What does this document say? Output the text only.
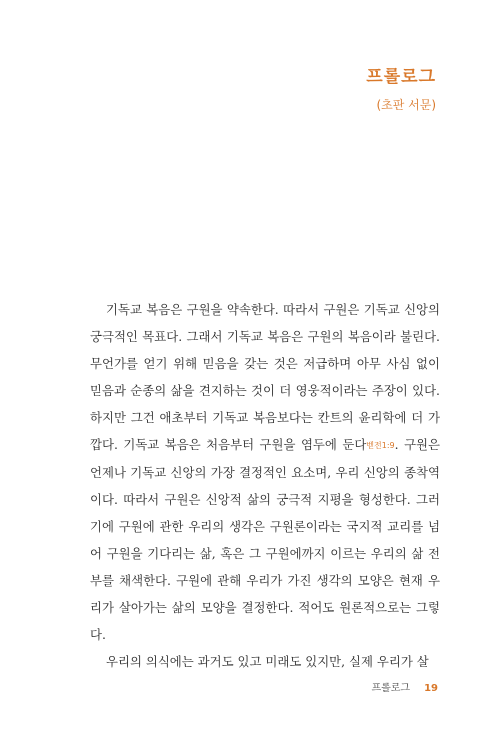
프롤로그
(초판 서문)

기독교 복음은 구원을 약속한다. 따라서 구원은 기독교 신앙의 궁극적인 목표다. 그래서 기독교 복음은 구원의 복음이라 불린다. 무언가를 얻기 위해 믿음을 갖는 것은 저급하며 아무 사심 없이 믿음과 순종의 삶을 견지하는 것이 더 영웅적이라는 주장이 있다. 하지만 그건 애초부터 기독교 복음보다는 칸트의 윤리학에 더 가깝다. 기독교 복음은 처음부터 구원을 염두에 둔다벧전1:9. 구원은 언제나 기독교 신앙의 가장 결정적인 요소며, 우리 신앙의 종착역이다. 따라서 구원은 신앙적 삶의 궁극적 지평을 형성한다. 그러기에 구원에 관한 우리의 생각은 구원론이라는 국지적 교리를 넘어 구원을 기다리는 삶, 혹은 그 구원에까지 이르는 우리의 삶 전부를 채색한다. 구원에 관해 우리가 가진 생각의 모양은 현재 우리가 살아가는 삶의 모양을 결정한다. 적어도 원론적으로는 그렇다.

우리의 의식에는 과거도 있고 미래도 있지만, 실제 우리가 살

프롤로그 19
